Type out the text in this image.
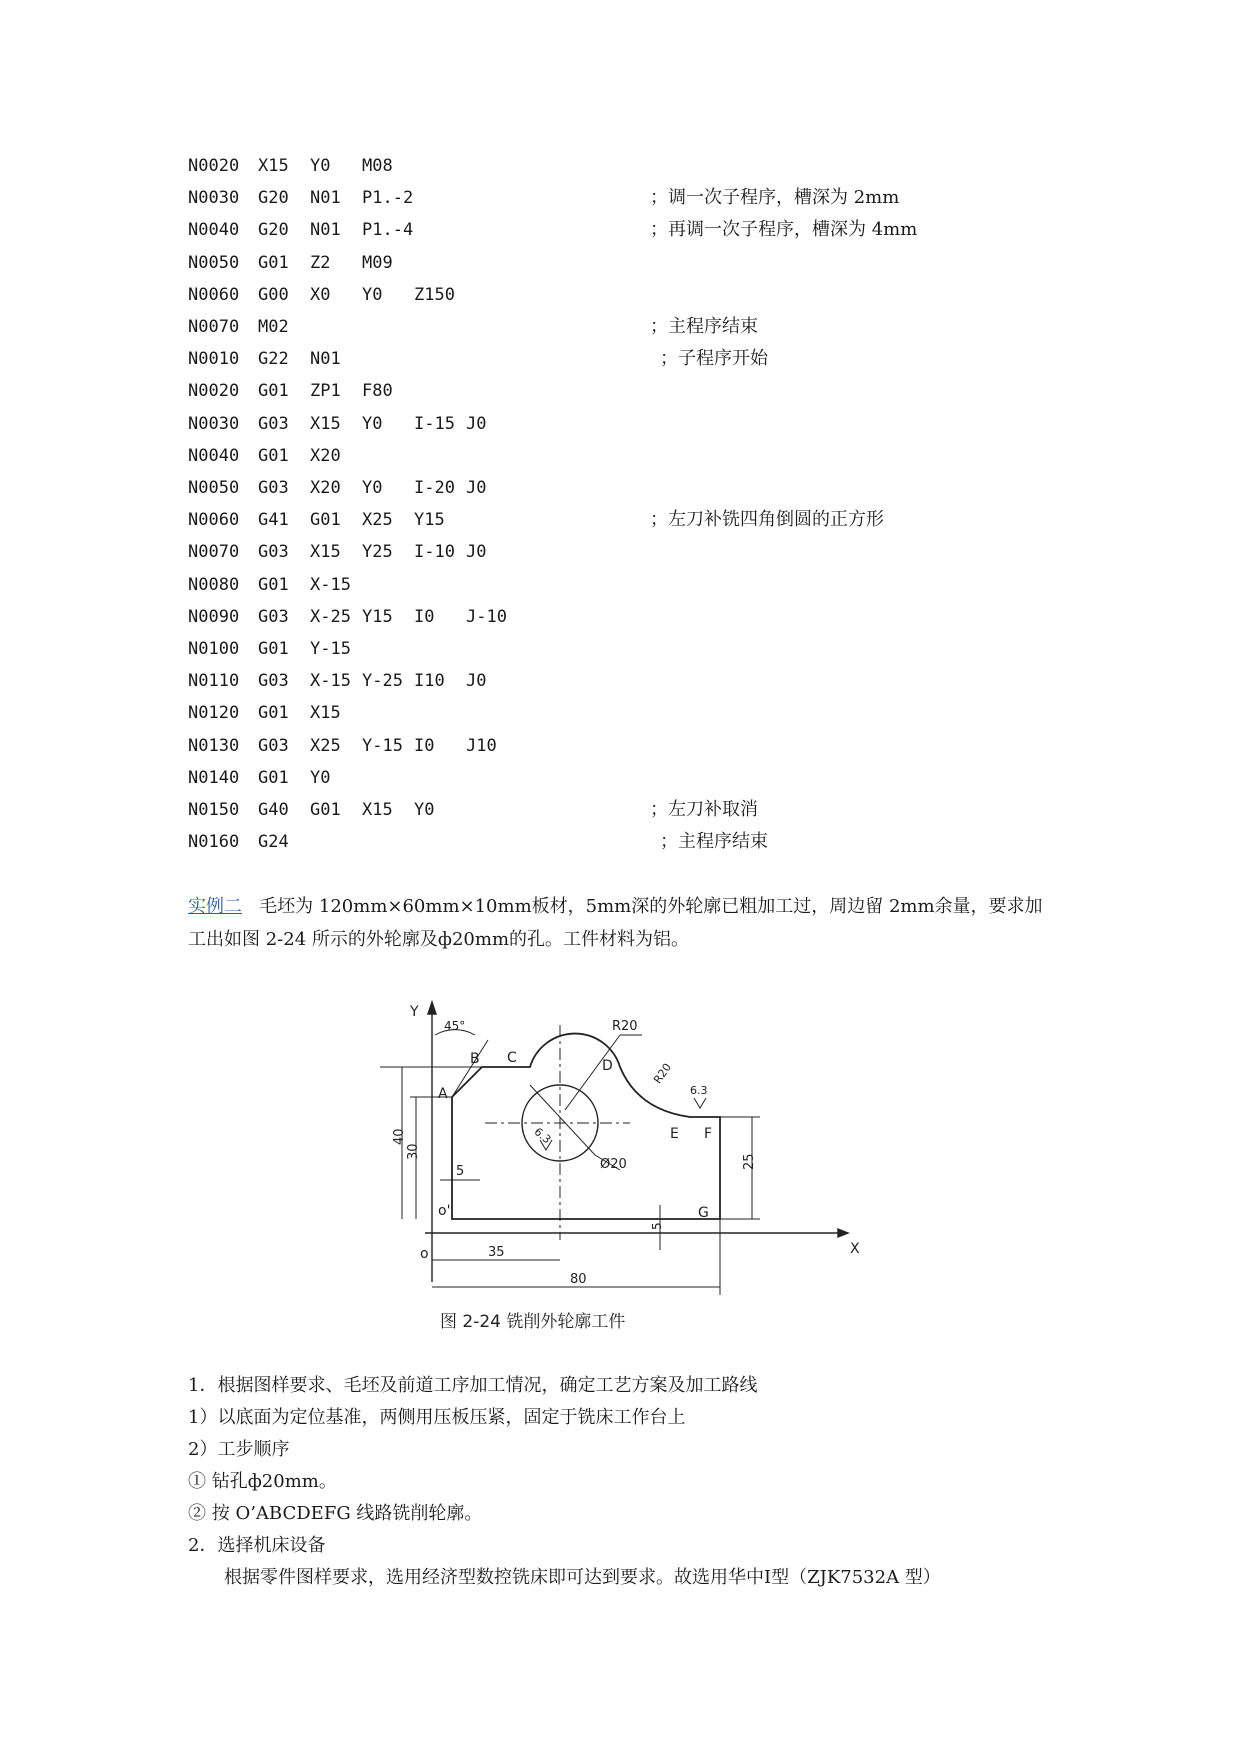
N0020 X15 Y0 M08
N0030 G20 N01 P1.-2	；调一次子程序，槽深为 2mm
N0040 G20 N01 P1.-4	；再调一次子程序，槽深为 4mm
N0050 G01 Z2 M09
N0060 G00 X0 Y0 Z150
N0070 M02	；主程序结束
N0010 G22 N01	；子程序开始
N0020 G01 ZP1 F80
N0030 G03 X15 Y0 I-15 J0
N0040 G01 X20
N0050 G03 X20 Y0 I-20 J0
N0060 G41 G01 X25 Y15	；左刀补铣四角倒圆的正方形
N0070 G03 X15 Y25 I-10 J0
N0080 G01 X-15
N0090 G03 X-25 Y15 I0 J-10
N0100 G01 Y-15
N0110 G03 X-15 Y-25 I10 J0
N0120 G01 X15
N0130 G03 X25 Y-15 I0 J10
N0140 G01 Y0
N0150 G40 G01 X15 Y0	；左刀补取消
N0160 G24	；主程序结束
实例二 毛坯为 120mm×60mm×10mm板材，5mm深的外轮廓已粗加工过，周边留 2mm余量，要求加工出如图 2-24 所示的外轮廓及ф20mm的孔。工件材料为铝。
Y
X
o
o'
A
B C	D
E F
G
45°	R20
R20
Ø20
6.3
6.3
40
30
5
35
80
25
5
图 2-24 铣削外轮廓工件
1．根据图样要求、毛坯及前道工序加工情况，确定工艺方案及加工路线
1）以底面为定位基准，两侧用压板压紧，固定于铣床工作台上
2）工步顺序
① 钻孔ф20mm。
② 按 O’ABCDEFG 线路铣削轮廓。
2．选择机床设备
　　根据零件图样要求，选用经济型数控铣床即可达到要求。故选用华中Ⅰ型（ZJK7532A 型）
